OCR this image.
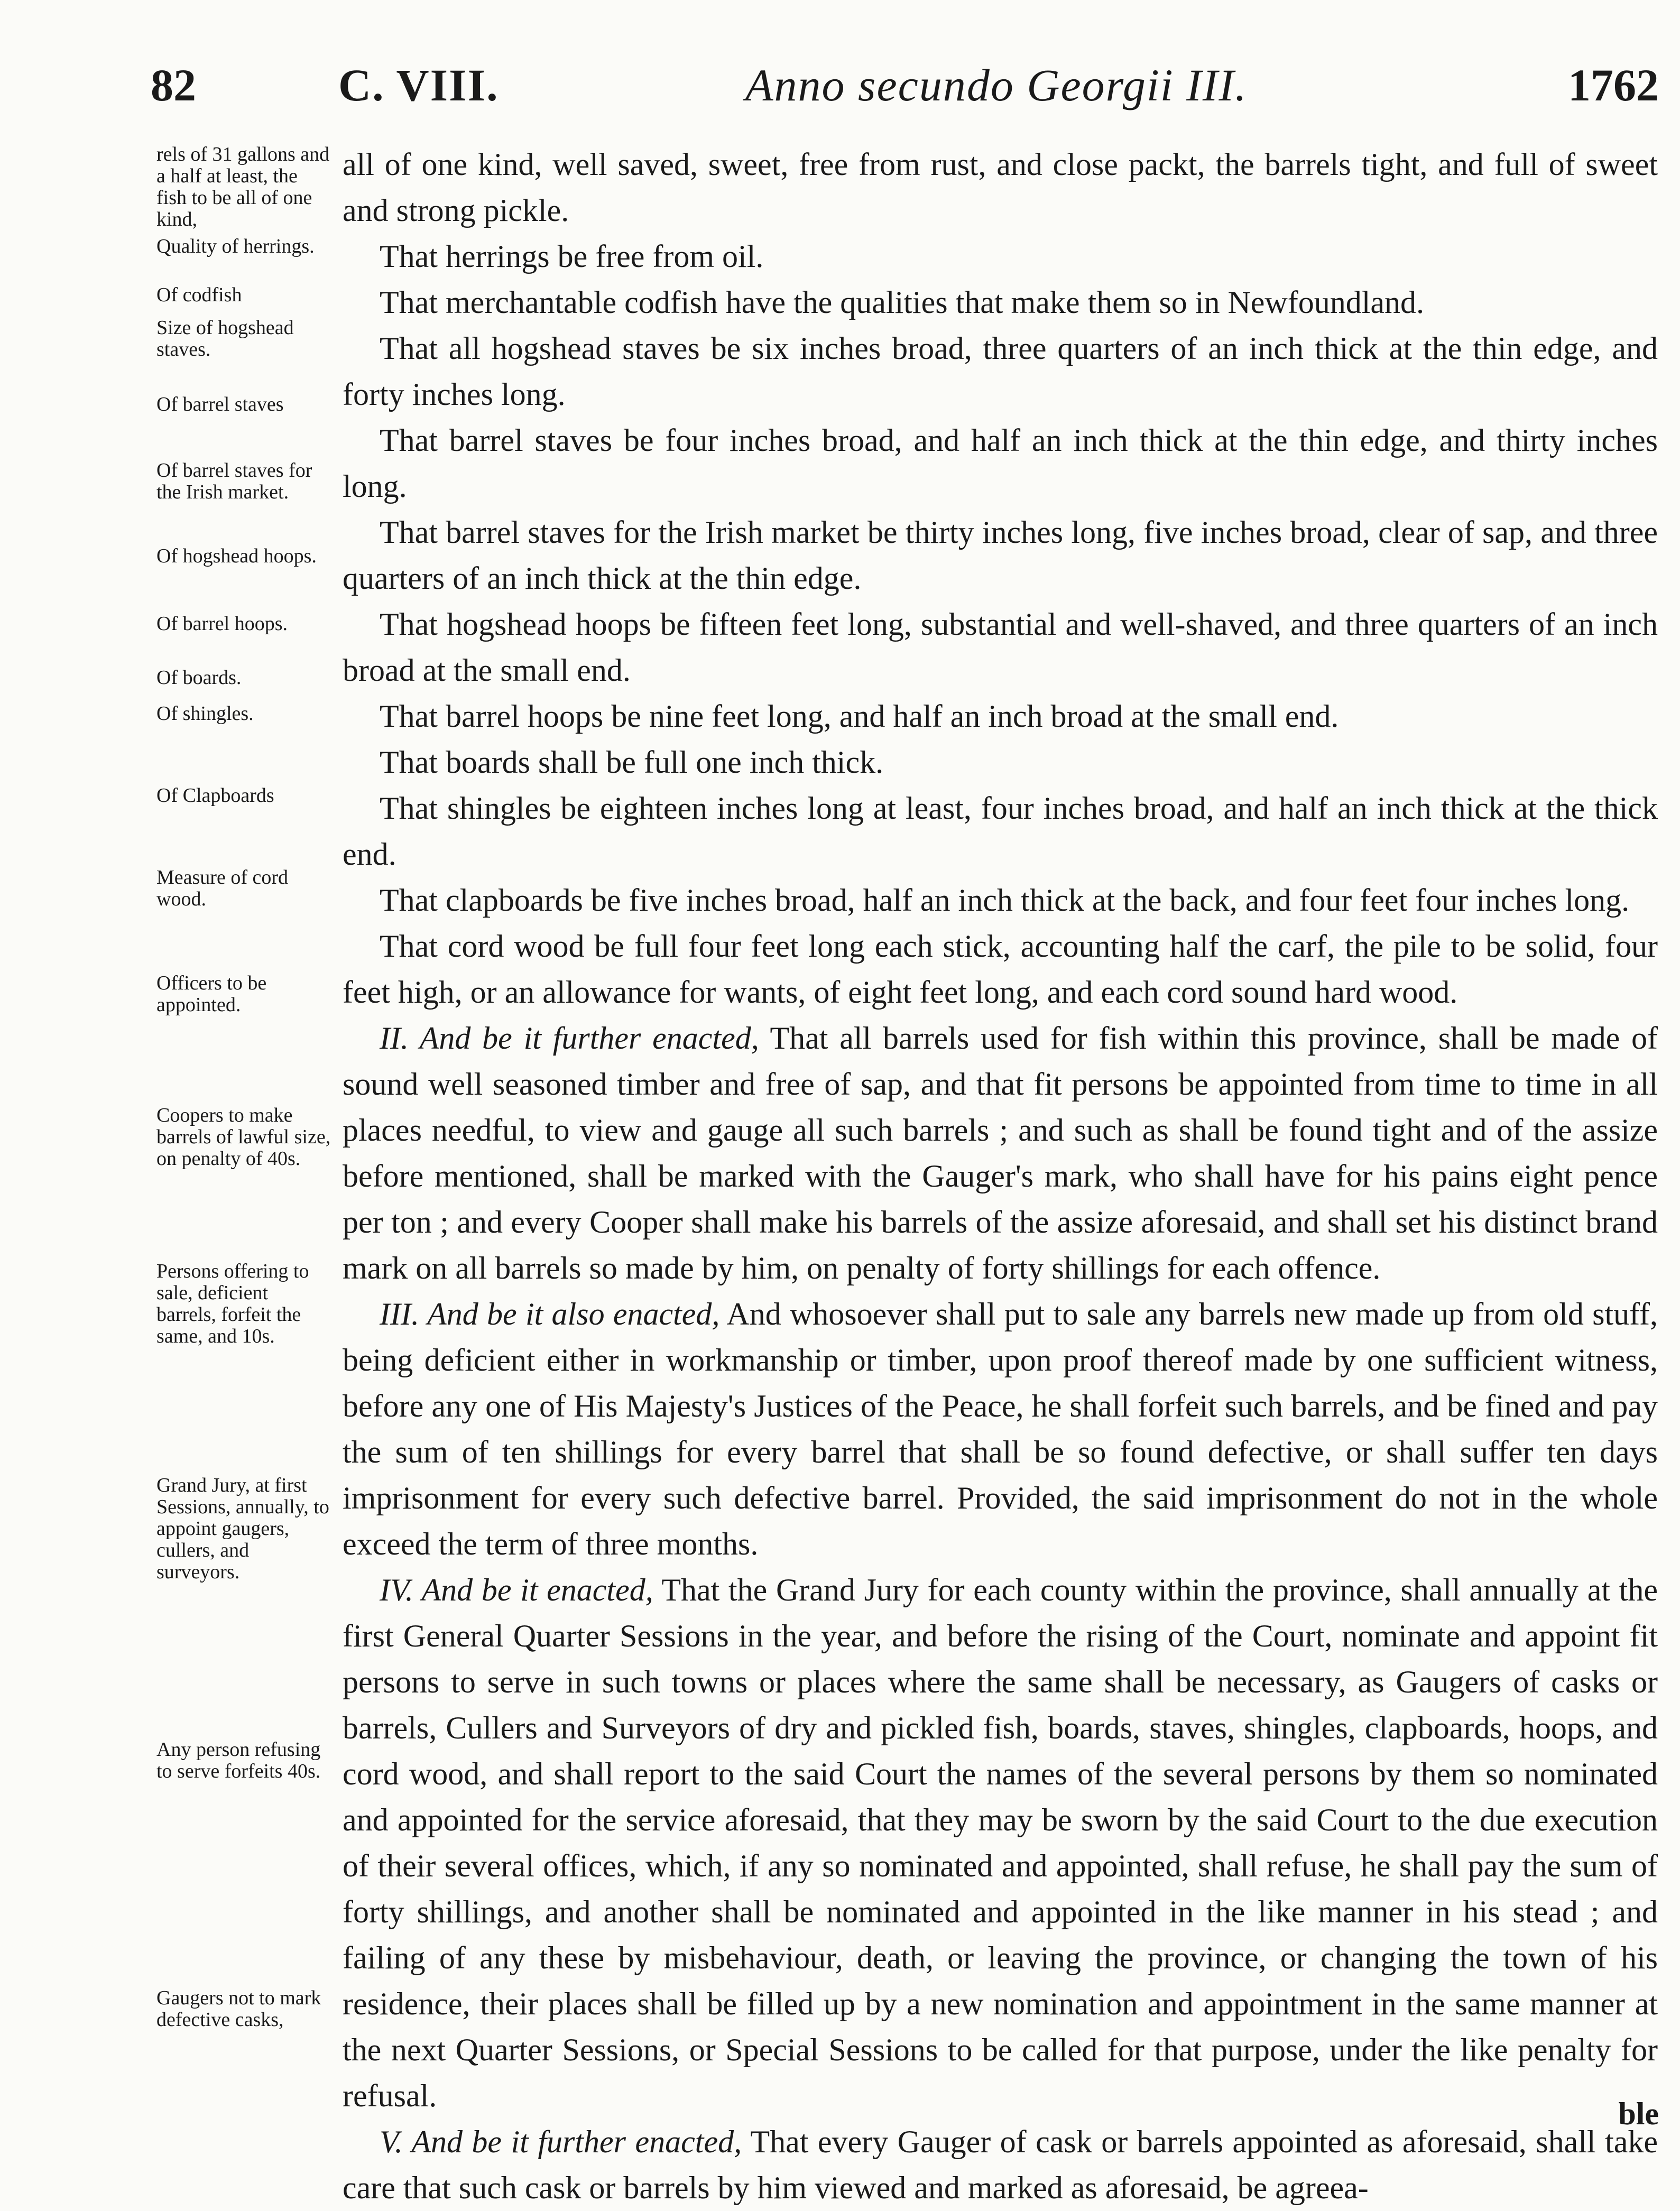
82	C. VIII.	Anno secundo Georgii III.	1762
rels of 31 gallons and a half at least, the fish to be all of one kind,
Quality of herrings.
Of codfish
Size of hogshead staves.
Of barrel staves
Of barrel staves for the Irish market.
Of hogshead hoops.
Of barrel hoops.
Of boards.
Of shingles.
Of Clapboards
Measure of cord wood.
Officers to be appointed.
Coopers to make barrels of lawful size, on penalty of 40s.
Persons offering to sale, deficient barrels, forfeit the same, and 10s.
Grand Jury, at first Sessions, annually, to appoint gaugers, cullers, and surveyors.
Any person refusing to serve forfeits 40s.
Gaugers not to mark defective casks,

all of one kind, well saved, sweet, free from rust, and close packt, the barrels tight, and full of sweet and strong pickle.

That herrings be free from oil.

That merchantable codfish have the qualities that make them so in Newfoundland.

That all hogshead staves be six inches broad, three quarters of an inch thick at the thin edge, and forty inches long.

That barrel staves be four inches broad, and half an inch thick at the thin edge, and thirty inches long.

That barrel staves for the Irish market be thirty inches long, five inches broad, clear of sap, and three quarters of an inch thick at the thin edge.

That hogshead hoops be fifteen feet long, substantial and well-shaved, and three quarters of an inch broad at the small end.

That barrel hoops be nine feet long, and half an inch broad at the small end.

That boards shall be full one inch thick.

That shingles be eighteen inches long at least, four inches broad, and half an inch thick at the thick end.

That clapboards be five inches broad, half an inch thick at the back, and four feet four inches long.

That cord wood be full four feet long each stick, accounting half the carf, the pile to be solid, four feet high, or an allowance for wants, of eight feet long, and each cord sound hard wood.

II. And be it further enacted, That all barrels used for fish within this province, shall be made of sound well seasoned timber and free of sap, and that fit persons be appointed from time to time in all places needful, to view and gauge all such barrels ; and such as shall be found tight and of the assize before mentioned, shall be marked with the Gauger's mark, who shall have for his pains eight pence per ton ; and every Cooper shall make his barrels of the assize aforesaid, and shall set his distinct brand mark on all barrels so made by him, on penalty of forty shillings for each offence.

III. And be it also enacted, And whosoever shall put to sale any barrels new made up from old stuff, being deficient either in workmanship or timber, upon proof thereof made by one sufficient witness, before any one of His Majesty's Justices of the Peace, he shall forfeit such barrels, and be fined and pay the sum of ten shillings for every barrel that shall be so found defective, or shall suffer ten days imprisonment for every such defective barrel. Provided, the said imprisonment do not in the whole exceed the term of three months.

IV. And be it enacted, That the Grand Jury for each county within the province, shall annually at the first General Quarter Sessions in the year, and before the rising of the Court, nominate and appoint fit persons to serve in such towns or places where the same shall be necessary, as Gaugers of casks or barrels, Cullers and Surveyors of dry and pickled fish, boards, staves, shingles, clapboards, hoops, and cord wood, and shall report to the said Court the names of the several persons by them so nominated and appointed for the service aforesaid, that they may be sworn by the said Court to the due execution of their several offices, which, if any so nominated and appointed, shall refuse, he shall pay the sum of forty shillings, and another shall be nominated and appointed in the like manner in his stead ; and failing of any these by misbehaviour, death, or leaving the province, or changing the town of his residence, their places shall be filled up by a new nomination and appointment in the same manner at the next Quarter Sessions, or Special Sessions to be called for that purpose, under the like penalty for refusal.

V. And be it further enacted, That every Gauger of cask or barrels appointed as aforesaid, shall take care that such cask or barrels by him viewed and marked as aforesaid, be agreea-

ble
